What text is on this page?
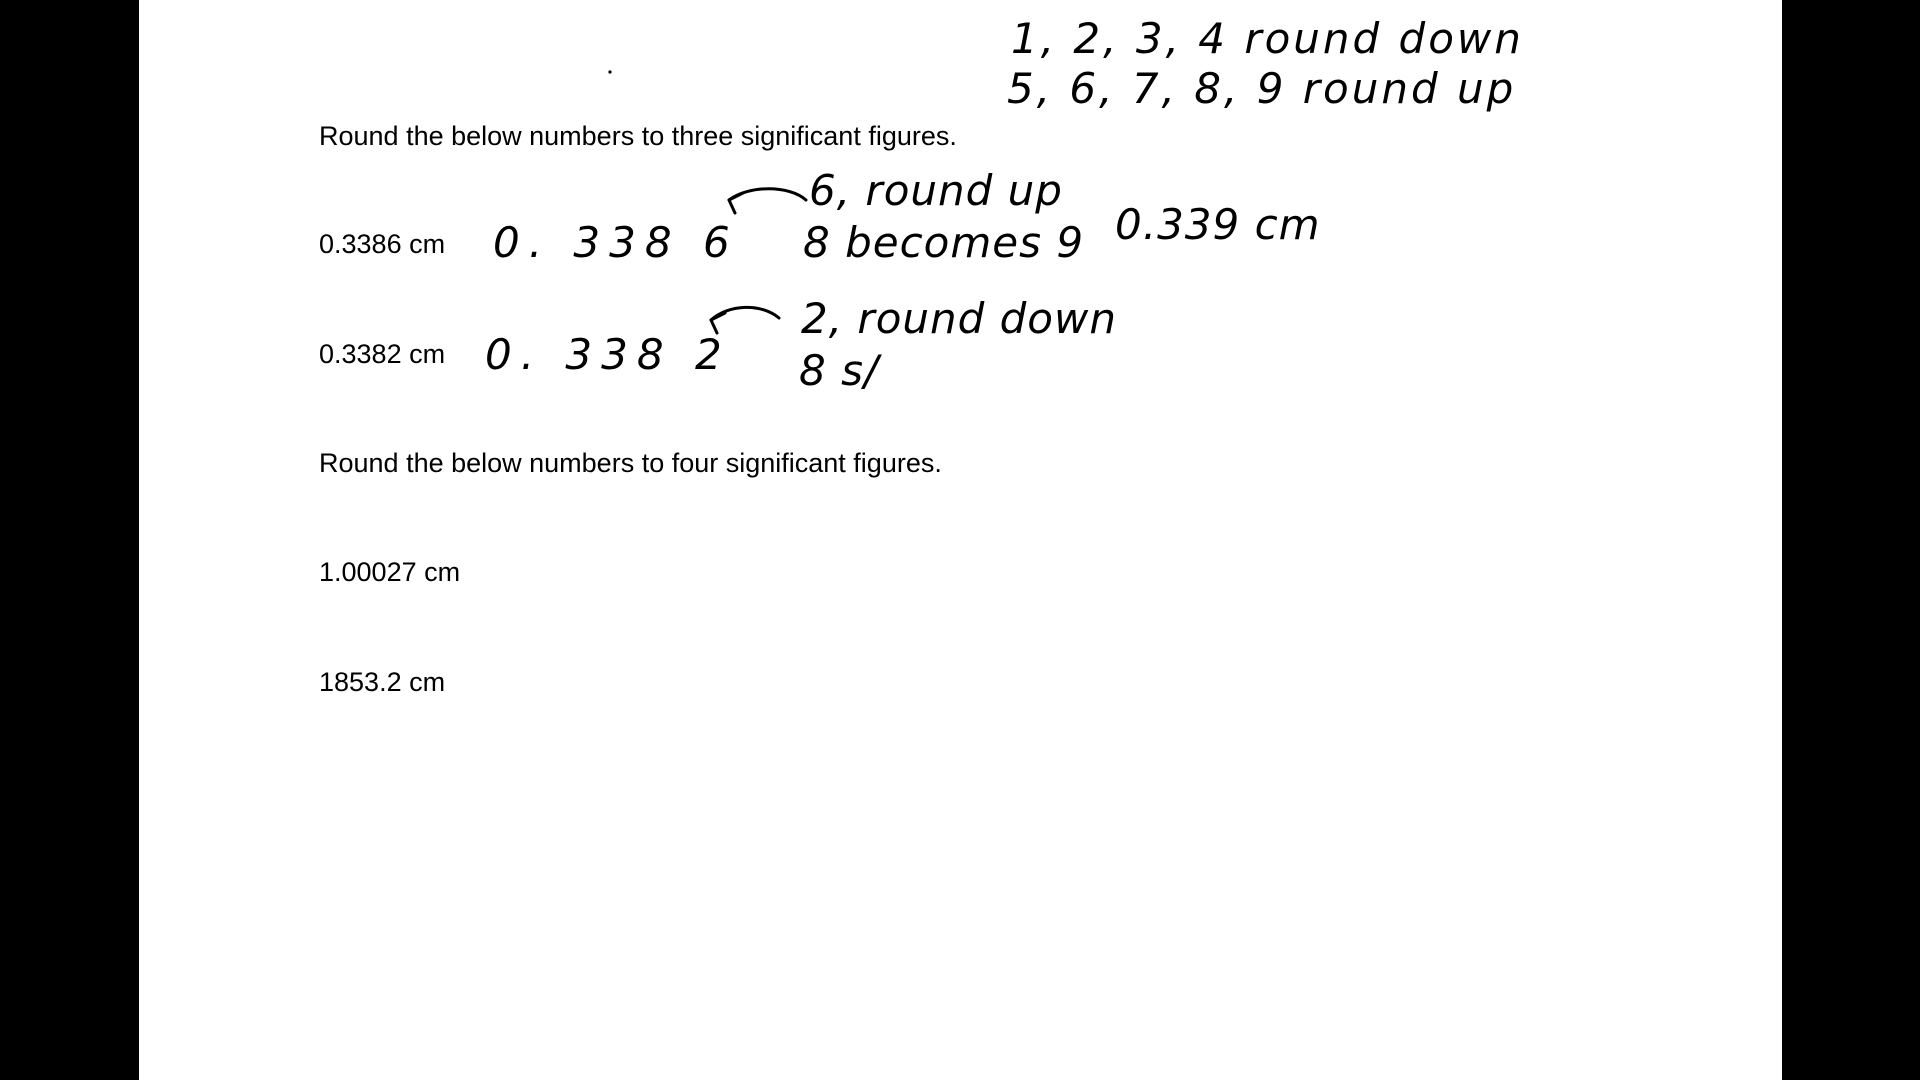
Round the below numbers to three significant figures.
0.3386 cm
0.3382 cm
Round the below numbers to four significant figures.
1.00027 cm
1853.2 cm
1, 2, 3, 4 round down
5, 6, 7, 8, 9 round up
0. 338 6
6, round up
8 becomes 9 0.339 cm
0. 338 2
2, round down
8 s/
